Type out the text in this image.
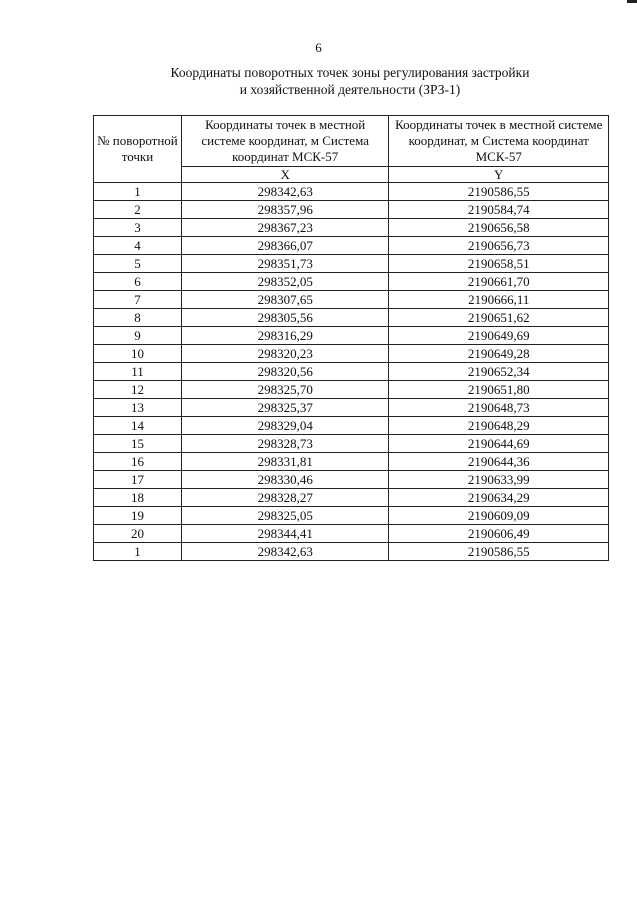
6
Координаты поворотных точек зоны регулирования застройки
и хозяйственной деятельности (ЗРЗ-1)
№ поворотной точки	Координаты точек в местной системе координат, м Система координат МСК-57	Координаты точек в местной системе координат, м Система координат МСК-57
	X	Y
1	298342,63	2190586,55
2	298357,96	2190584,74
3	298367,23	2190656,58
4	298366,07	2190656,73
5	298351,73	2190658,51
6	298352,05	2190661,70
7	298307,65	2190666,11
8	298305,56	2190651,62
9	298316,29	2190649,69
10	298320,23	2190649,28
11	298320,56	2190652,34
12	298325,70	2190651,80
13	298325,37	2190648,73
14	298329,04	2190648,29
15	298328,73	2190644,69
16	298331,81	2190644,36
17	298330,46	2190633,99
18	298328,27	2190634,29
19	298325,05	2190609,09
20	298344,41	2190606,49
1	298342,63	2190586,55
